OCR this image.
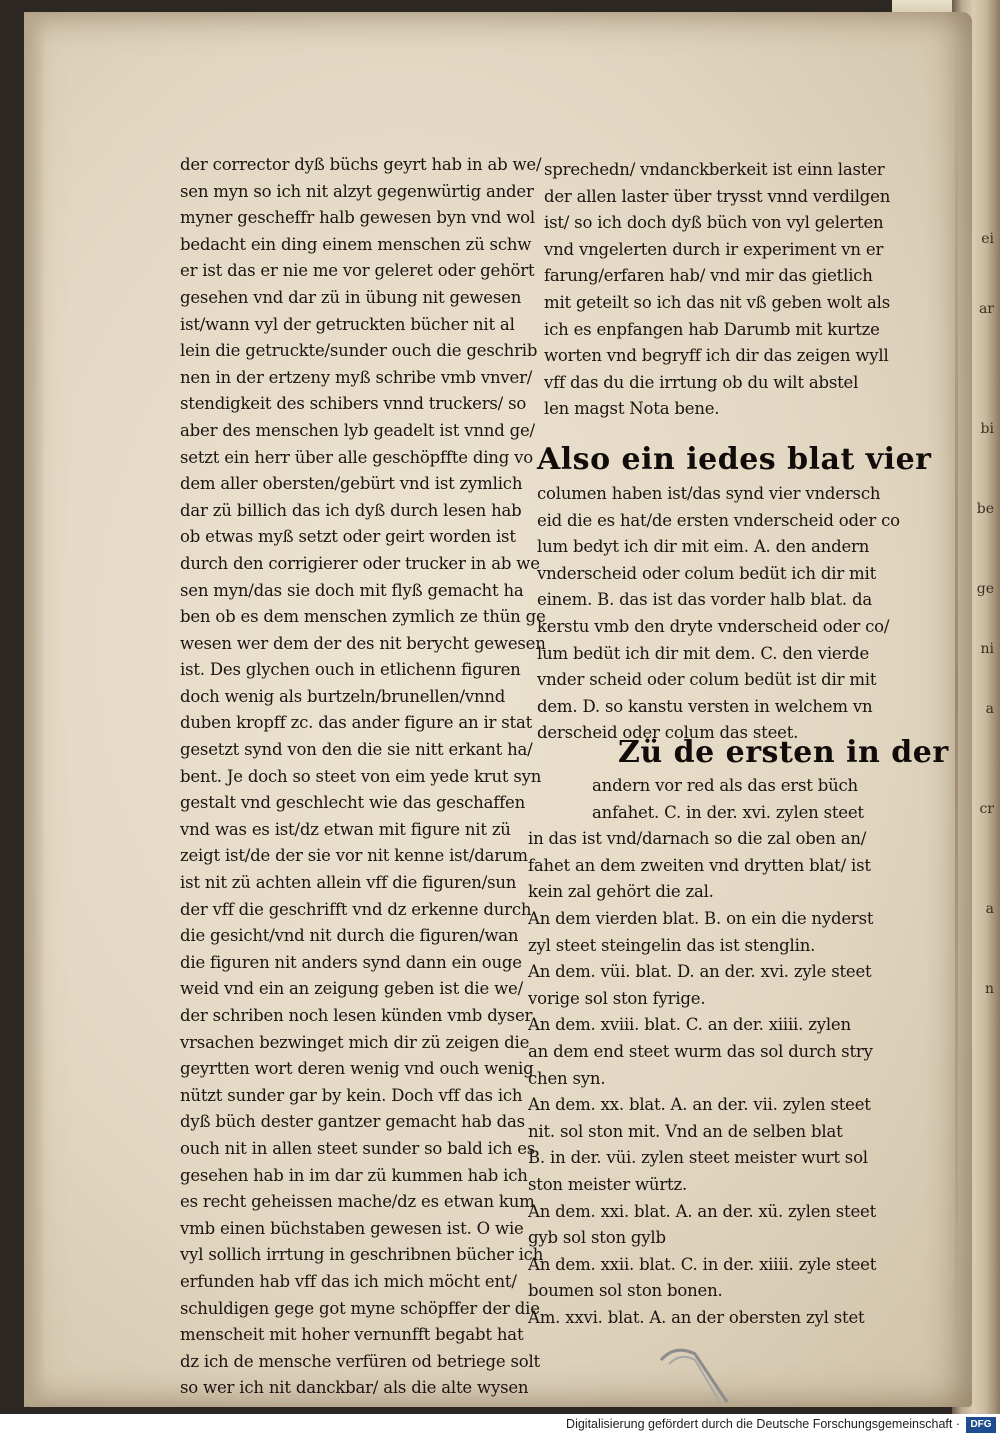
ei
ar
bi
be
ge
ni
a
cr
a
n
der corrector dyß büchs geyrt hab in ab we/
sen myn so ich nit alzyt gegenwürtig ander
myner gescheffr halb gewesen byn vnd wol
bedacht ein ding einem menschen zü schw
er ist das er nie me vor geleret oder gehört
gesehen vnd dar zü in übung nit gewesen
ist/wann vyl der getruckten bücher nit al
lein die getruckte/sunder ouch die geschrib
nen in der ertzeny myß schribe vmb vnver/
stendigkeit des schibers vnnd truckers/ so
aber des menschen lyb geadelt ist vnnd ge/
setzt ein herr über alle geschöpffte ding vo
dem aller obersten/gebürt vnd ist zymlich
dar zü billich das ich dyß durch lesen hab
ob etwas myß setzt oder geirt worden ist
durch den corrigierer oder trucker in ab we
sen myn/das sie doch mit flyß gemacht ha
ben ob es dem menschen zymlich ze thün ge
wesen wer dem der des nit berycht gewesen
ist. Des glychen ouch in etlichenn figuren
doch wenig als burtzeln/brunellen/vnnd
duben kropff zc. das ander figure an ir stat
gesetzt synd von den die sie nitt erkant ha/
bent. Je doch so steet von eim yede krut syn
gestalt vnd geschlecht wie das geschaffen
vnd was es ist/dz etwan mit figure nit zü
zeigt ist/de der sie vor nit kenne ist/darum
ist nit zü achten allein vff die figuren/sun
der vff die geschrifft vnd dz erkenne durch
die gesicht/vnd nit durch die figuren/wan
die figuren nit anders synd dann ein ouge
weid vnd ein an zeigung geben ist die we/
der schriben noch lesen künden vmb dyser
vrsachen bezwinget mich dir zü zeigen die
geyrtten wort deren wenig vnd ouch wenig
nützt sunder gar by kein. Doch vff das ich
dyß büch dester gantzer gemacht hab das
ouch nit in allen steet sunder so bald ich es
gesehen hab in im dar zü kummen hab ich
es recht geheissen mache/dz es etwan kum
vmb einen büchstaben gewesen ist. O wie
vyl sollich irrtung in geschribnen bücher ich
erfunden hab vff das ich mich möcht ent/
schuldigen gege got myne schöpffer der die
menscheit mit hoher vernunfft begabt hat
dz ich de mensche verfüren od betriege solt
so wer ich nit danckbar/ als die alte wysen
sprechedn/ vndanckberkeit ist einn laster
der allen laster über trysst vnnd verdilgen
ist/ so ich doch dyß büch von vyl gelerten
vnd vngelerten durch ir experiment vn er
farung/erfaren hab/ vnd mir das gietlich
mit geteilt so ich das nit vß geben wolt als
ich es enpfangen hab Darumb mit kurtze
worten vnd begryff ich dir das zeigen wyll
vff das du die irrtung ob du wilt abstel
len magst Nota bene.
Also ein iedes blat vier
columen haben ist/das synd vier vndersch
eid die es hat/de ersten vnderscheid oder co
lum bedyt ich dir mit eim. A. den andern
vnderscheid oder colum bedüt ich dir mit
einem. B. das ist das vorder halb blat. da
kerstu vmb den dryte vnderscheid oder co/
lum bedüt ich dir mit dem. C. den vierde
vnder scheid oder colum bedüt ist dir mit
dem. D. so kanstu versten in welchem vn
derscheid oder colum das steet.
Zü de ersten in der
andern vor red als das erst büch
anfahet. C. in der. xvi. zylen steet
in das ist vnd/darnach so die zal oben an/
fahet an dem zweiten vnd drytten blat/ ist
kein zal gehört die zal.
An dem vierden blat. B. on ein die nyderst
zyl steet steingelin das ist stenglin.
An dem. vüi. blat. D. an der. xvi. zyle steet
vorige sol ston fyrige.
An dem. xviii. blat. C. an der. xiiii. zylen
an dem end steet wurm das sol durch stry
chen syn.
An dem. xx. blat. A. an der. vii. zylen steet
nit. sol ston mit. Vnd an de selben blat
B. in der. vüi. zylen steet meister wurt sol
ston meister würtz.
An dem. xxi. blat. A. an der. xü. zylen steet
gyb sol ston gylb
An dem. xxii. blat. C. in der. xiiii. zyle steet
boumen sol ston bonen.
Am. xxvi. blat. A. an der obersten zyl stet
Digitalisierung gefördert durch die Deutsche Forschungsgemeinschaft ·	DFG
